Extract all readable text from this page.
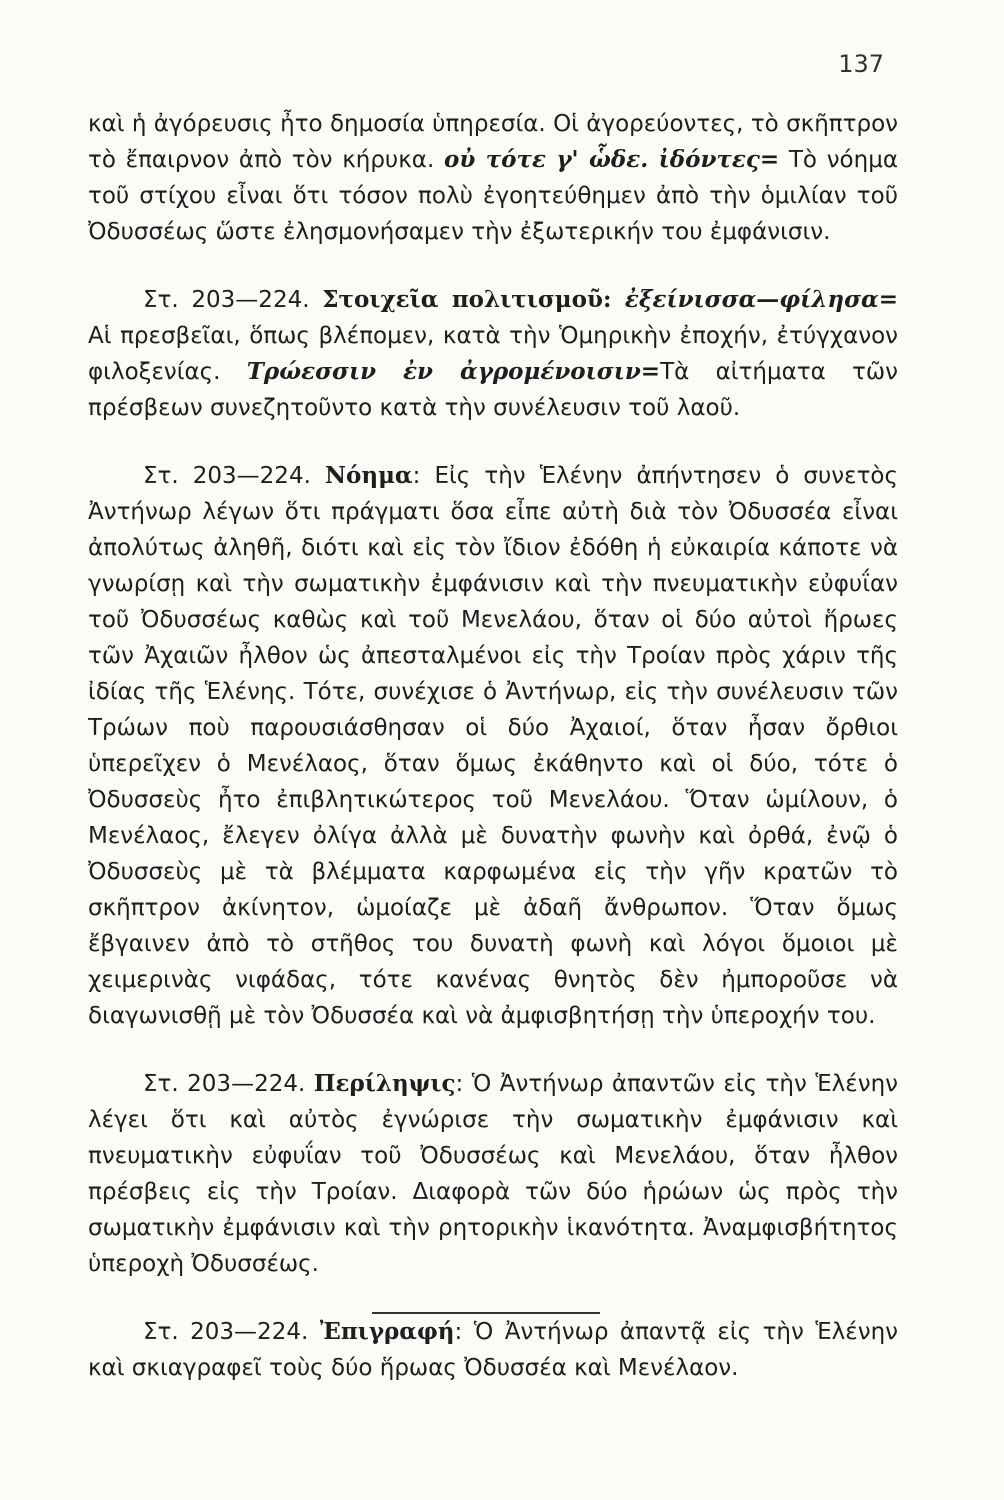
137

καὶ ἡ ἀγόρευσις ἦτο δημοσία ὑπηρεσία. Οἱ ἀγορεύοντες, τὸ σκῆπτρον τὸ ἔπαιρνον ἀπὸ τὸν κήρυκα. οὐ τότε γ' ὧδε. ἰδόντες= Τὸ νόημα τοῦ στίχου εἶναι ὅτι τόσον πολὺ ἐγοητεύθημεν ἀπὸ τὴν ὁμιλίαν τοῦ Ὀδυσσέως ὥστε ἐλησμονήσαμεν τὴν ἐξωτερικήν του ἐμφάνισιν.

Στ. 203—224. Στοιχεῖα πολιτισμοῦ: ἐξείνισσα—φίλησα= Αἱ πρεσβεῖαι, ὅπως βλέπομεν, κατὰ τὴν Ὁμηρικὴν ἐποχήν, ἐτύγχανον φιλοξενίας. Τρώεσσιν ἐν ἀγρομένοισιν=Τὰ αἰτήματα τῶν πρέσβεων συνεζητοῦντο κατὰ τὴν συνέλευσιν τοῦ λαοῦ.

Στ. 203—224. Νόημα: Εἰς τὴν Ἑλένην ἀπήντησεν ὁ συνετὸς Ἀντήνωρ λέγων ὅτι πράγματι ὅσα εἶπε αὐτὴ διὰ τὸν Ὀδυσσέα εἶναι ἀπολύτως ἀληθῆ, διότι καὶ εἰς τὸν ἴδιον ἐδόθη ἡ εὐκαιρία κάποτε νὰ γνωρίσῃ καὶ τὴν σωματικὴν ἐμφάνισιν καὶ τὴν πνευματικὴν εὐφυΐαν τοῦ Ὀδυσσέως καθὼς καὶ τοῦ Μενελάου, ὅταν οἱ δύο αὐτοὶ ἥρωες τῶν Ἀχαιῶν ἦλθον ὡς ἀπεσταλμένοι εἰς τὴν Τροίαν πρὸς χάριν τῆς ἰδίας τῆς Ἑλένης. Τότε, συνέχισε ὁ Ἀντήνωρ, εἰς τὴν συνέλευσιν τῶν Τρώων ποὺ παρουσιάσθησαν οἱ δύο Ἀχαιοί, ὅταν ἦσαν ὄρθιοι ὑπερεῖχεν ὁ Μενέλαος, ὅταν ὅμως ἐκάθηντο καὶ οἱ δύο, τότε ὁ Ὀδυσσεὺς ἦτο ἐπιβλητικώτερος τοῦ Μενελάου. Ὅταν ὡμίλουν, ὁ Μενέλαος, ἔλεγεν ὀλίγα ἀλλὰ μὲ δυνατὴν φωνὴν καὶ ὀρθά, ἐνῷ ὁ Ὀδυσσεὺς μὲ τὰ βλέμματα καρφωμένα εἰς τὴν γῆν κρατῶν τὸ σκῆπτρον ἀκίνητον, ὡμοίαζε μὲ ἀδαῆ ἄνθρωπον. Ὅταν ὅμως ἔβγαινεν ἀπὸ τὸ στῆθος του δυνατὴ φωνὴ καὶ λόγοι ὅμοιοι μὲ χειμερινὰς νιφάδας, τότε κανένας θνητὸς δὲν ἠμποροῦσε νὰ διαγωνισθῇ μὲ τὸν Ὀδυσσέα καὶ νὰ ἀμφισβητήσῃ τὴν ὑπεροχήν του.

Στ. 203—224. Περίληψις: Ὁ Ἀντήνωρ ἀπαντῶν εἰς τὴν Ἑλένην λέγει ὅτι καὶ αὐτὸς ἐγνώρισε τὴν σωματικὴν ἐμφάνισιν καὶ πνευματικὴν εὐφυΐαν τοῦ Ὀδυσσέως καὶ Μενελάου, ὅταν ἦλθον πρέσβεις εἰς τὴν Τροίαν. Διαφορὰ τῶν δύο ἡρώων ὡς πρὸς τὴν σωματικὴν ἐμφάνισιν καὶ τὴν ρητορικὴν ἱκανότητα. Ἀναμφισβήτητος ὑπεροχὴ Ὀδυσσέως.

Στ. 203—224. Ἐπιγραφή: Ὁ Ἀντήνωρ ἀπαντᾷ εἰς τὴν Ἑλένην καὶ σκιαγραφεῖ τοὺς δύο ἥρωας Ὀδυσσέα καὶ Μενέλαον.
